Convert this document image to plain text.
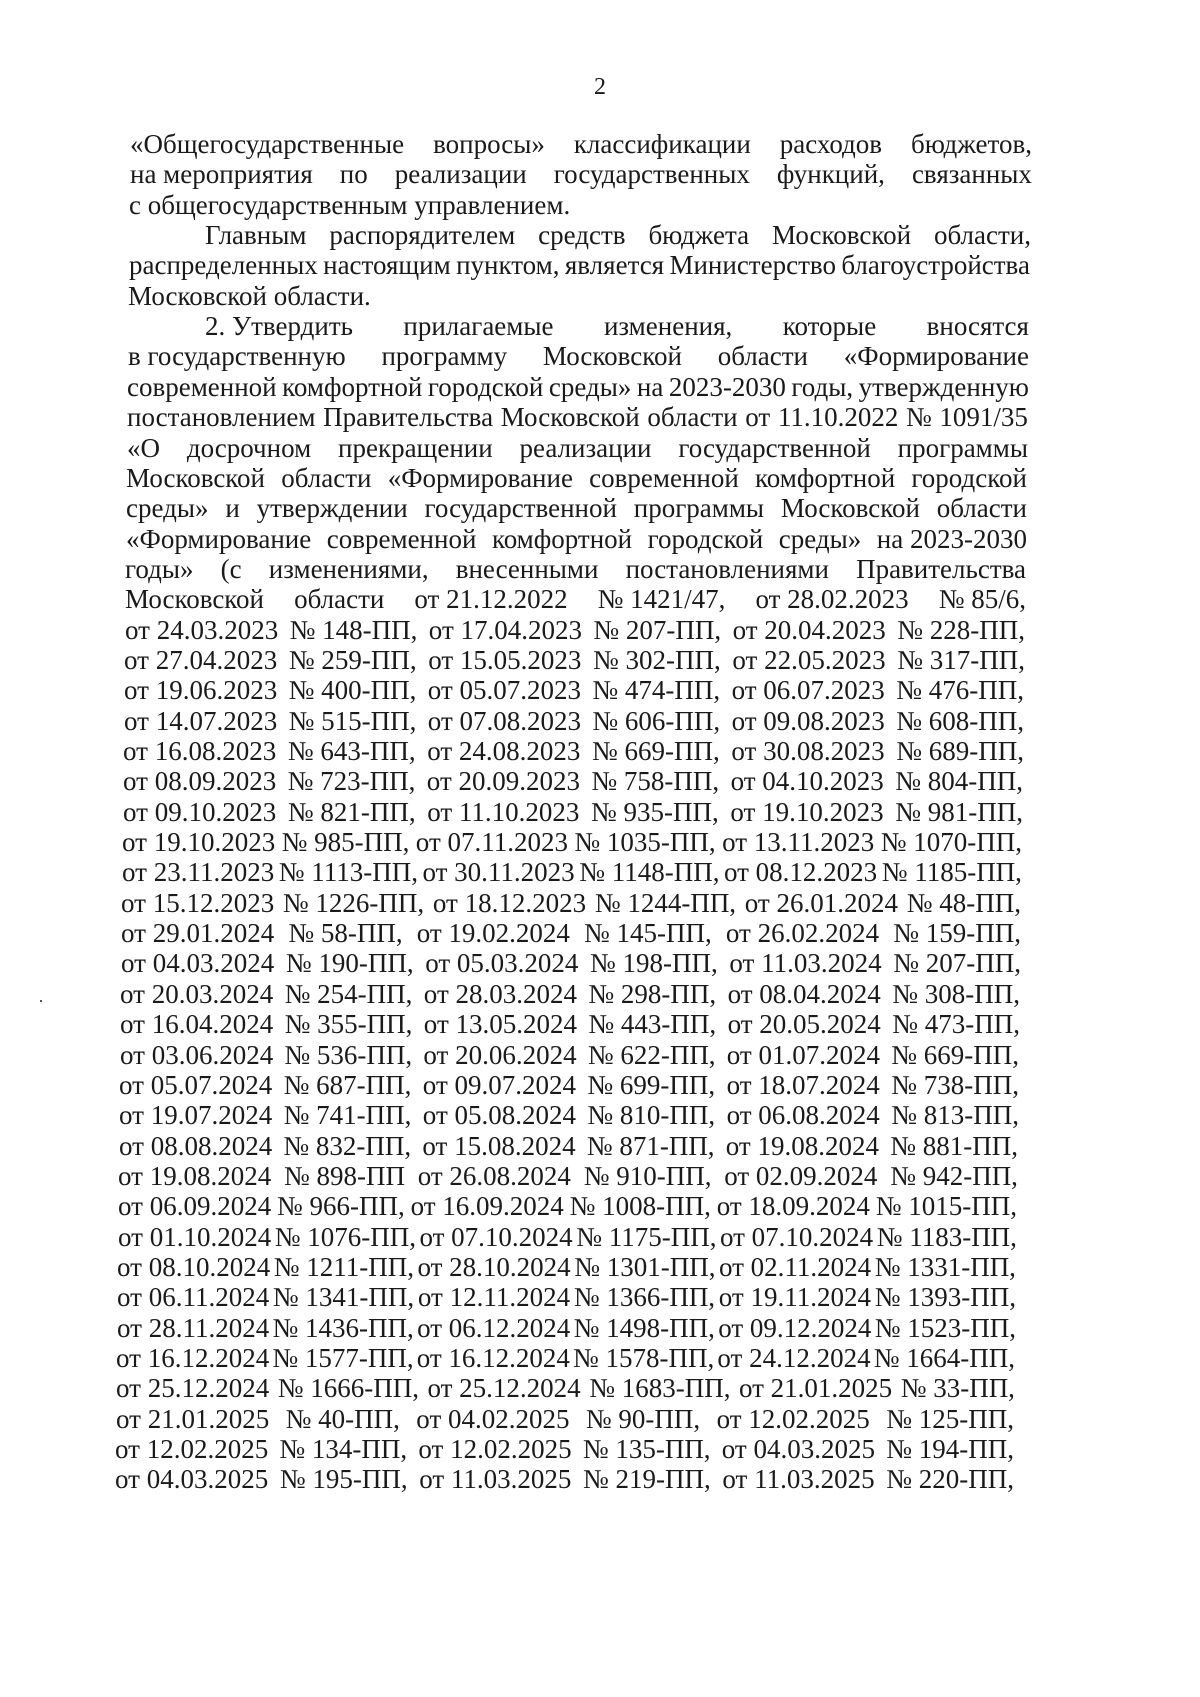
2
«Общегосударственные вопросы» классификации расходов бюджетов,
на мероприятия по реализации государственных функций, связанных
с общегосударственным управлением.
Главным распорядителем средств бюджета Московской области,
распределенных настоящим пунктом, является Министерство благоустройства
Московской области.
2. Утвердить прилагаемые изменения, которые вносятся
в государственную программу Московской области «Формирование
современной комфортной городской среды» на 2023-2030 годы, утвержденную
постановлением Правительства Московской области от 11.10.2022 № 1091/35
«О досрочном прекращении реализации государственной программы
Московской области «Формирование современной комфортной городской
среды» и утверждении государственной программы Московской области
«Формирование современной комфортной городской среды» на 2023-2030
годы» (с изменениями, внесенными постановлениями Правительства
Московской области от 21.12.2022 № 1421/47, от 28.02.2023 № 85/6,
от 24.03.2023 № 148-ПП, от 17.04.2023 № 207-ПП, от 20.04.2023 № 228-ПП,
от 27.04.2023 № 259-ПП, от 15.05.2023 № 302-ПП, от 22.05.2023 № 317-ПП,
от 19.06.2023 № 400-ПП, от 05.07.2023 № 474-ПП, от 06.07.2023 № 476-ПП,
от 14.07.2023 № 515-ПП, от 07.08.2023 № 606-ПП, от 09.08.2023 № 608-ПП,
от 16.08.2023 № 643-ПП, от 24.08.2023 № 669-ПП, от 30.08.2023 № 689-ПП,
от 08.09.2023 № 723-ПП, от 20.09.2023 № 758-ПП, от 04.10.2023 № 804-ПП,
от 09.10.2023 № 821-ПП, от 11.10.2023 № 935-ПП, от 19.10.2023 № 981-ПП,
от 19.10.2023 № 985-ПП, от 07.11.2023 № 1035-ПП, от 13.11.2023 № 1070-ПП,
от 23.11.2023 № 1113-ПП, от 30.11.2023 № 1148-ПП, от 08.12.2023 № 1185-ПП,
от 15.12.2023 № 1226-ПП, от 18.12.2023 № 1244-ПП, от 26.01.2024 № 48-ПП,
от 29.01.2024 № 58-ПП, от 19.02.2024 № 145-ПП, от 26.02.2024 № 159-ПП,
от 04.03.2024 № 190-ПП, от 05.03.2024 № 198-ПП, от 11.03.2024 № 207-ПП,
от 20.03.2024 № 254-ПП, от 28.03.2024 № 298-ПП, от 08.04.2024 № 308-ПП,
от 16.04.2024 № 355-ПП, от 13.05.2024 № 443-ПП, от 20.05.2024 № 473-ПП,
от 03.06.2024 № 536-ПП, от 20.06.2024 № 622-ПП, от 01.07.2024 № 669-ПП,
от 05.07.2024 № 687-ПП, от 09.07.2024 № 699-ПП, от 18.07.2024 № 738-ПП,
от 19.07.2024 № 741-ПП, от 05.08.2024 № 810-ПП, от 06.08.2024 № 813-ПП,
от 08.08.2024 № 832-ПП, от 15.08.2024 № 871-ПП, от 19.08.2024 № 881-ПП,
от 19.08.2024 № 898-ПП от 26.08.2024 № 910-ПП, от 02.09.2024 № 942-ПП,
от 06.09.2024 № 966-ПП, от 16.09.2024 № 1008-ПП, от 18.09.2024 № 1015-ПП,
от 01.10.2024 № 1076-ПП, от 07.10.2024 № 1175-ПП, от 07.10.2024 № 1183-ПП,
от 08.10.2024 № 1211-ПП, от 28.10.2024 № 1301-ПП, от 02.11.2024 № 1331-ПП,
от 06.11.2024 № 1341-ПП, от 12.11.2024 № 1366-ПП, от 19.11.2024 № 1393-ПП,
от 28.11.2024 № 1436-ПП, от 06.12.2024 № 1498-ПП, от 09.12.2024 № 1523-ПП,
от 16.12.2024 № 1577-ПП, от 16.12.2024 № 1578-ПП, от 24.12.2024 № 1664-ПП,
от 25.12.2024 № 1666-ПП, от 25.12.2024 № 1683-ПП, от 21.01.2025 № 33-ПП,
от 21.01.2025 № 40-ПП, от 04.02.2025 № 90-ПП, от 12.02.2025 № 125-ПП,
от 12.02.2025 № 134-ПП, от 12.02.2025 № 135-ПП, от 04.03.2025 № 194-ПП,
от 04.03.2025 № 195-ПП, от 11.03.2025 № 219-ПП, от 11.03.2025 № 220-ПП,
